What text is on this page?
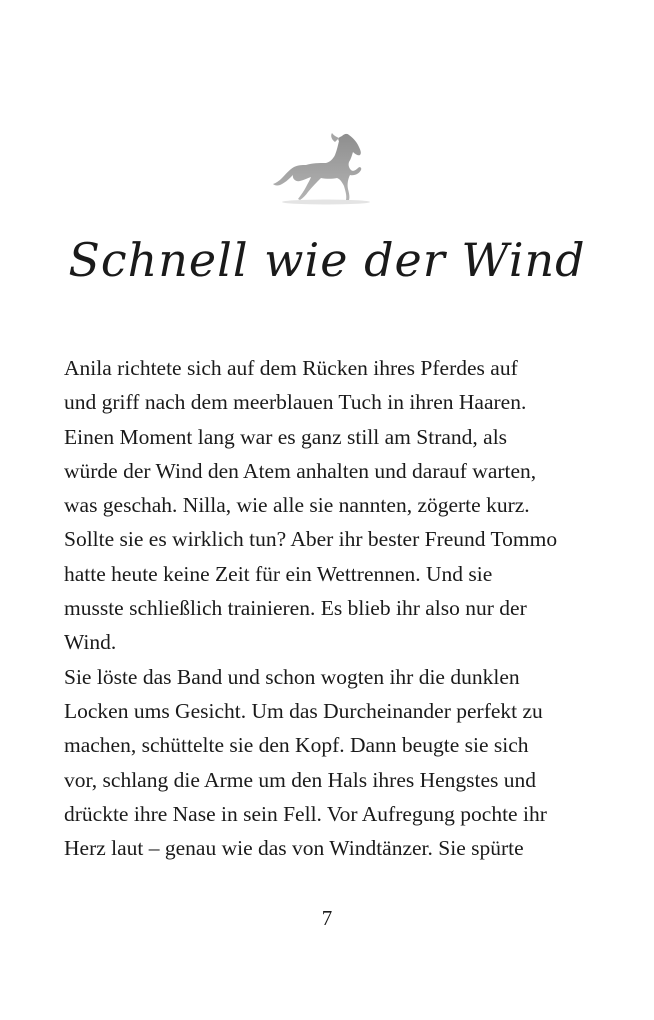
Schnell wie der Wind
Anila richtete sich auf dem Rücken ihres Pferdes auf
und griff nach dem meerblauen Tuch in ihren Haaren.
Einen Moment lang war es ganz still am Strand, als
würde der Wind den Atem anhalten und darauf warten,
was geschah. Nilla, wie alle sie nannten, zögerte kurz.
Sollte sie es wirklich tun? Aber ihr bester Freund Tommo
hatte heute keine Zeit für ein Wettrennen. Und sie
musste schließlich trainieren. Es blieb ihr also nur der
Wind.
Sie löste das Band und schon wogten ihr die dunklen
Locken ums Gesicht. Um das Durcheinander perfekt zu
machen, schüttelte sie den Kopf. Dann beugte sie sich
vor, schlang die Arme um den Hals ihres Hengstes und
drückte ihre Nase in sein Fell. Vor Aufregung pochte ihr
Herz laut – genau wie das von Windtänzer. Sie spürte
7
